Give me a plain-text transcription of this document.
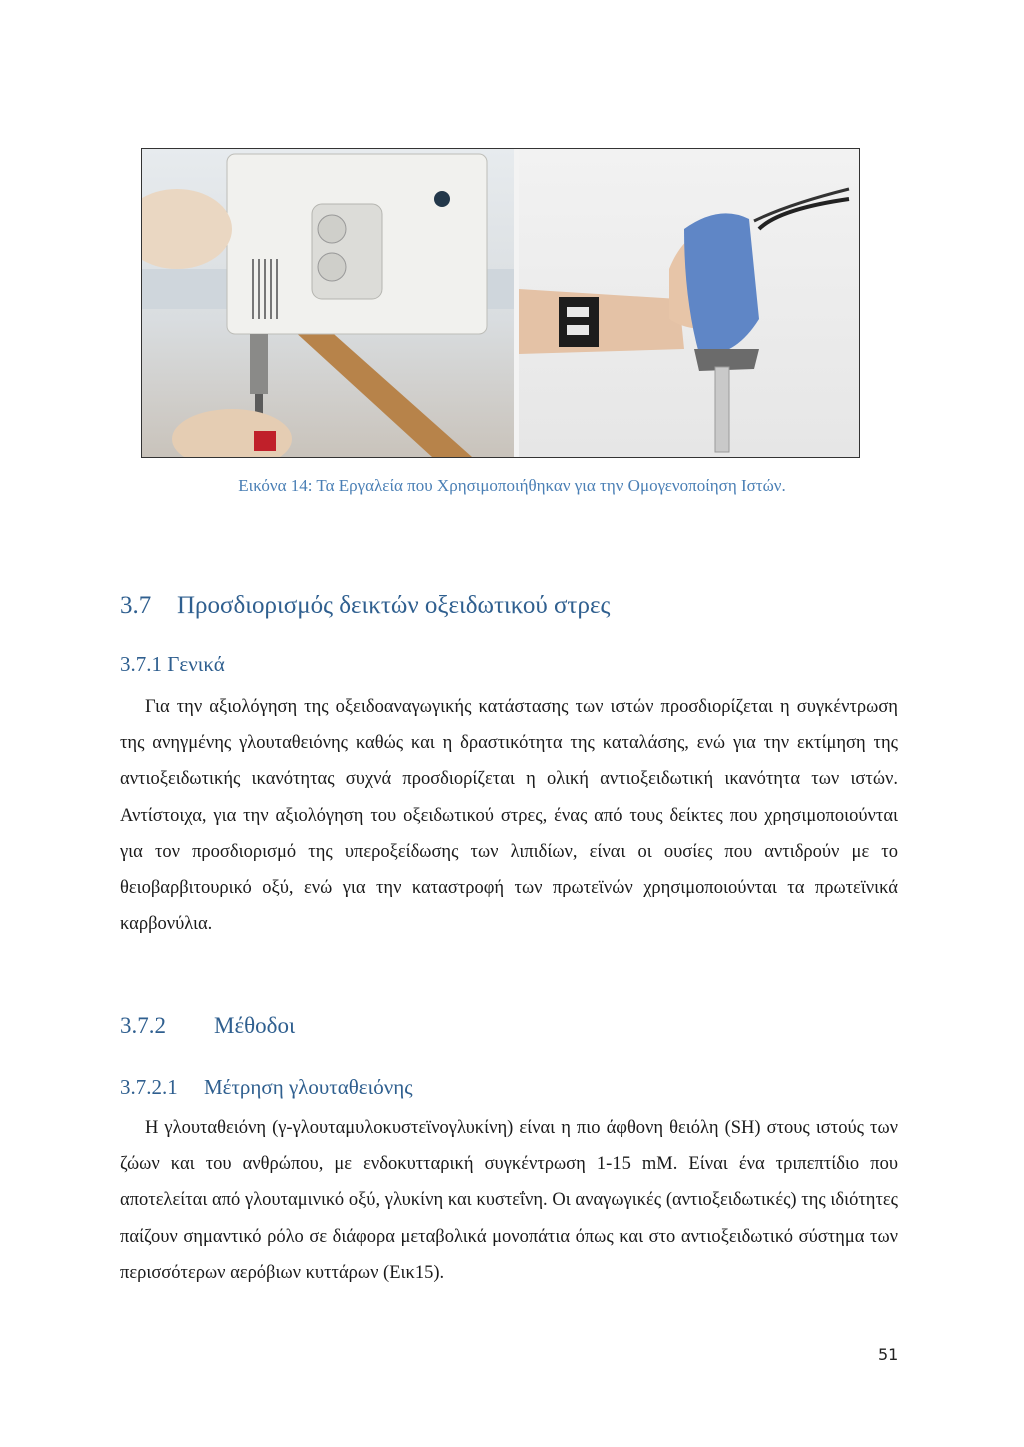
Εικόνα 14: Τα Εργαλεία που Χρησιμοποιήθηκαν για την Ομογενοποίηση Ιστών.
3.7 Προσδιορισμός δεικτών οξειδωτικού στρες
3.7.1 Γενικά

Για την αξιολόγηση της οξειδοαναγωγικής κατάστασης των ιστών προσδιορίζεται η συγκέντρωση της ανηγμένης γλουταθειόνης καθώς και η δραστικότητα της καταλάσης, ενώ για την εκτίμηση της αντιοξειδωτικής ικανότητας συχνά προσδιορίζεται η ολική αντιοξειδωτική ικανότητα των ιστών. Αντίστοιχα, για την αξιολόγηση του οξειδωτικού στρες, ένας από τους δείκτες που χρησιμοποιούνται για τον προσδιορισμό της υπεροξείδωσης των λιπιδίων, είναι οι ουσίες που αντιδρούν με το θειοβαρβιτουρικό οξύ, ενώ για την καταστροφή των πρωτεϊνών χρησιμοποιούνται τα πρωτεϊνικά καρβονύλια.

3.7.2 Μέθοδοι
3.7.2.1 Μέτρηση γλουταθειόνης

Η γλουταθειόνη (γ-γλουταμυλοκυστεϊνογλυκίνη) είναι η πιο άφθονη θειόλη (SH) στους ιστούς των ζώων και του ανθρώπου, με ενδοκυτταρική συγκέντρωση 1-15 mM. Είναι ένα τριπεπτίδιο που αποτελείται από γλουταμινικό οξύ, γλυκίνη και κυστεΐνη. Οι αναγωγικές (αντιοξειδωτικές) της ιδιότητες παίζουν σημαντικό ρόλο σε διάφορα μεταβολικά μονοπάτια όπως και στο αντιοξειδωτικό σύστημα των περισσότερων αερόβιων κυττάρων (Εικ15).

51
